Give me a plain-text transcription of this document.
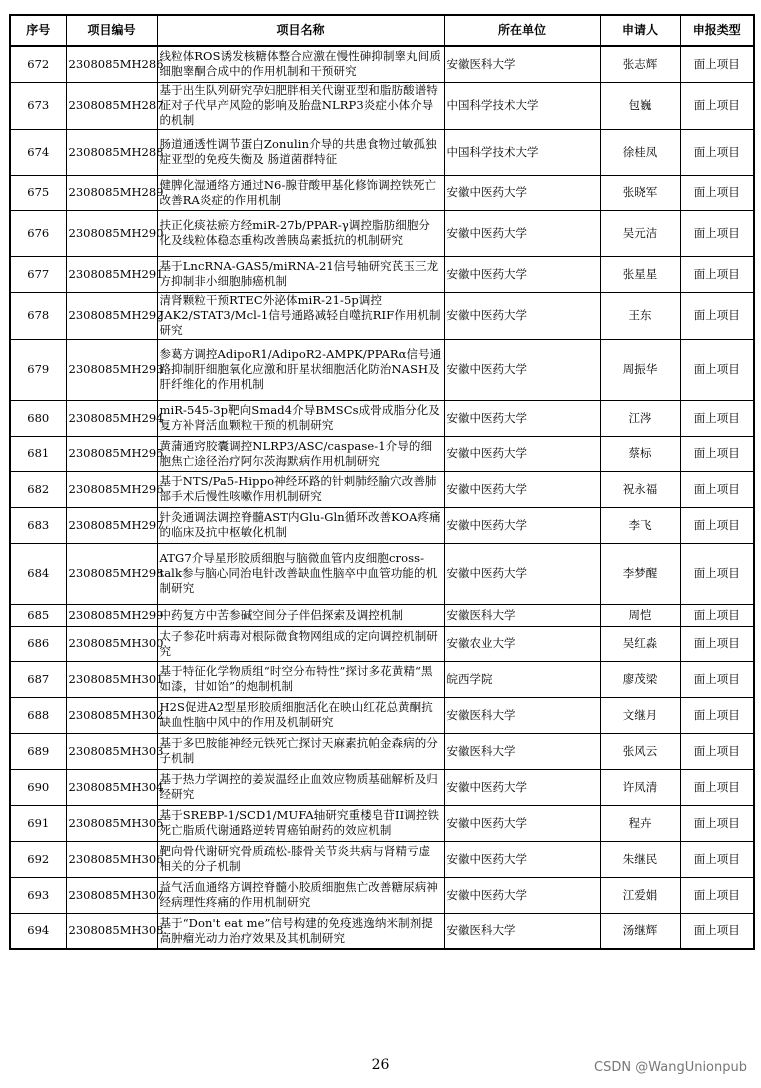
序号	项目编号	项目名称	所在单位	申请人	申报类型
672	2308085MH286	线粒体ROS诱发核糖体整合应激在慢性砷抑制睾丸间质细胞睾酮合成中的作用机制和干预研究	安徽医科大学	张志辉	面上项目
673	2308085MH287	基于出生队列研究孕妇肥胖相关代谢亚型和脂肪酸谱特征对子代早产风险的影响及胎盘NLRP3炎症小体介导的机制	中国科学技术大学	包巍	面上项目
674	2308085MH288	肠道通透性调节蛋白Zonulin介导的共患食物过敏孤独症亚型的免疫失衡及 肠道菌群特征	中国科学技术大学	徐桂凤	面上项目
675	2308085MH289	健脾化湿通络方通过N6-腺苷酸甲基化修饰调控铁死亡改善RA炎症的作用机制	安徽中医药大学	张晓军	面上项目
676	2308085MH290	扶正化痰祛瘀方经miR-27b/PPAR-γ调控脂肪细胞分化及线粒体稳态重构改善胰岛素抵抗的机制研究	安徽中医药大学	吴元洁	面上项目
677	2308085MH291	基于LncRNA-GAS5/miRNA-21信号轴研究芪玉三龙方抑制非小细胞肺癌机制	安徽中医药大学	张星星	面上项目
678	2308085MH292	清肾颗粒干预RTEC外泌体miR-21-5p调控JAK2/STAT3/Mcl-1信号通路减轻自噬抗RIF作用机制研究	安徽中医药大学	王东	面上项目
679	2308085MH293	参葛方调控AdipoR1/AdipoR2-AMPK/PPARα信号通路抑制肝细胞氧化应激和肝星状细胞活化防治NASH及肝纤维化的作用机制	安徽中医药大学	周振华	面上项目
680	2308085MH294	miR-545-3p靶向Smad4介导BMSCs成骨成脂分化及复方补肾活血颗粒干预的机制研究	安徽中医药大学	江涔	面上项目
681	2308085MH295	黄蒲通窍胶囊调控NLRP3/ASC/caspase-1介导的细胞焦亡途径治疗阿尔茨海默病作用机制研究	安徽中医药大学	蔡标	面上项目
682	2308085MH296	基于NTS/Pa5-Hippo神经环路的针刺肺经腧穴改善肺部手术后慢性咳嗽作用机制研究	安徽中医药大学	祝永福	面上项目
683	2308085MH297	针灸通调法调控脊髓AST内Glu-Gln循环改善KOA疼痛的临床及抗中枢敏化机制	安徽中医药大学	李飞	面上项目
684	2308085MH298	ATG7介导星形胶质细胞与脑微血管内皮细胞cross-talk参与脑心同治电针改善缺血性脑卒中血管功能的机制研究	安徽中医药大学	李梦醒	面上项目
685	2308085MH299	中药复方中苦参碱空间分子伴侣探索及调控机制	安徽医科大学	周恺	面上项目
686	2308085MH300	太子参花叶病毒对根际微食物网组成的定向调控机制研究	安徽农业大学	吴红淼	面上项目
687	2308085MH301	基于特征化学物质组“时空分布特性”探讨多花黄精“黑如漆，甘如饴”的炮制机制	皖西学院	廖茂梁	面上项目
688	2308085MH302	H2S促进A2型星形胶质细胞活化在映山红花总黄酮抗缺血性脑中风中的作用及机制研究	安徽医科大学	文继月	面上项目
689	2308085MH303	基于多巴胺能神经元铁死亡探讨天麻素抗帕金森病的分子机制	安徽医科大学	张风云	面上项目
690	2308085MH304	基于热力学调控的姜炭温经止血效应物质基础解析及归经研究	安徽中医药大学	许凤清	面上项目
691	2308085MH305	基于SREBP-1/SCD1/MUFA轴研究重楼皂苷II调控铁死亡脂质代谢通路逆转胃癌铂耐药的效应机制	安徽中医药大学	程卉	面上项目
692	2308085MH306	靶向骨代谢研究骨质疏松-膝骨关节炎共病与肾精亏虚相关的分子机制	安徽中医药大学	朱继民	面上项目
693	2308085MH307	益气活血通络方调控脊髓小胶质细胞焦亡改善糖尿病神经病理性疼痛的作用机制研究	安徽中医药大学	江爱娟	面上项目
694	2308085MH308	基于“Don't eat me”信号构建的免疫逃逸纳米制剂提高肿瘤光动力治疗效果及其机制研究	安徽医科大学	汤继辉	面上项目
26	CSDN @WangUnionpub
